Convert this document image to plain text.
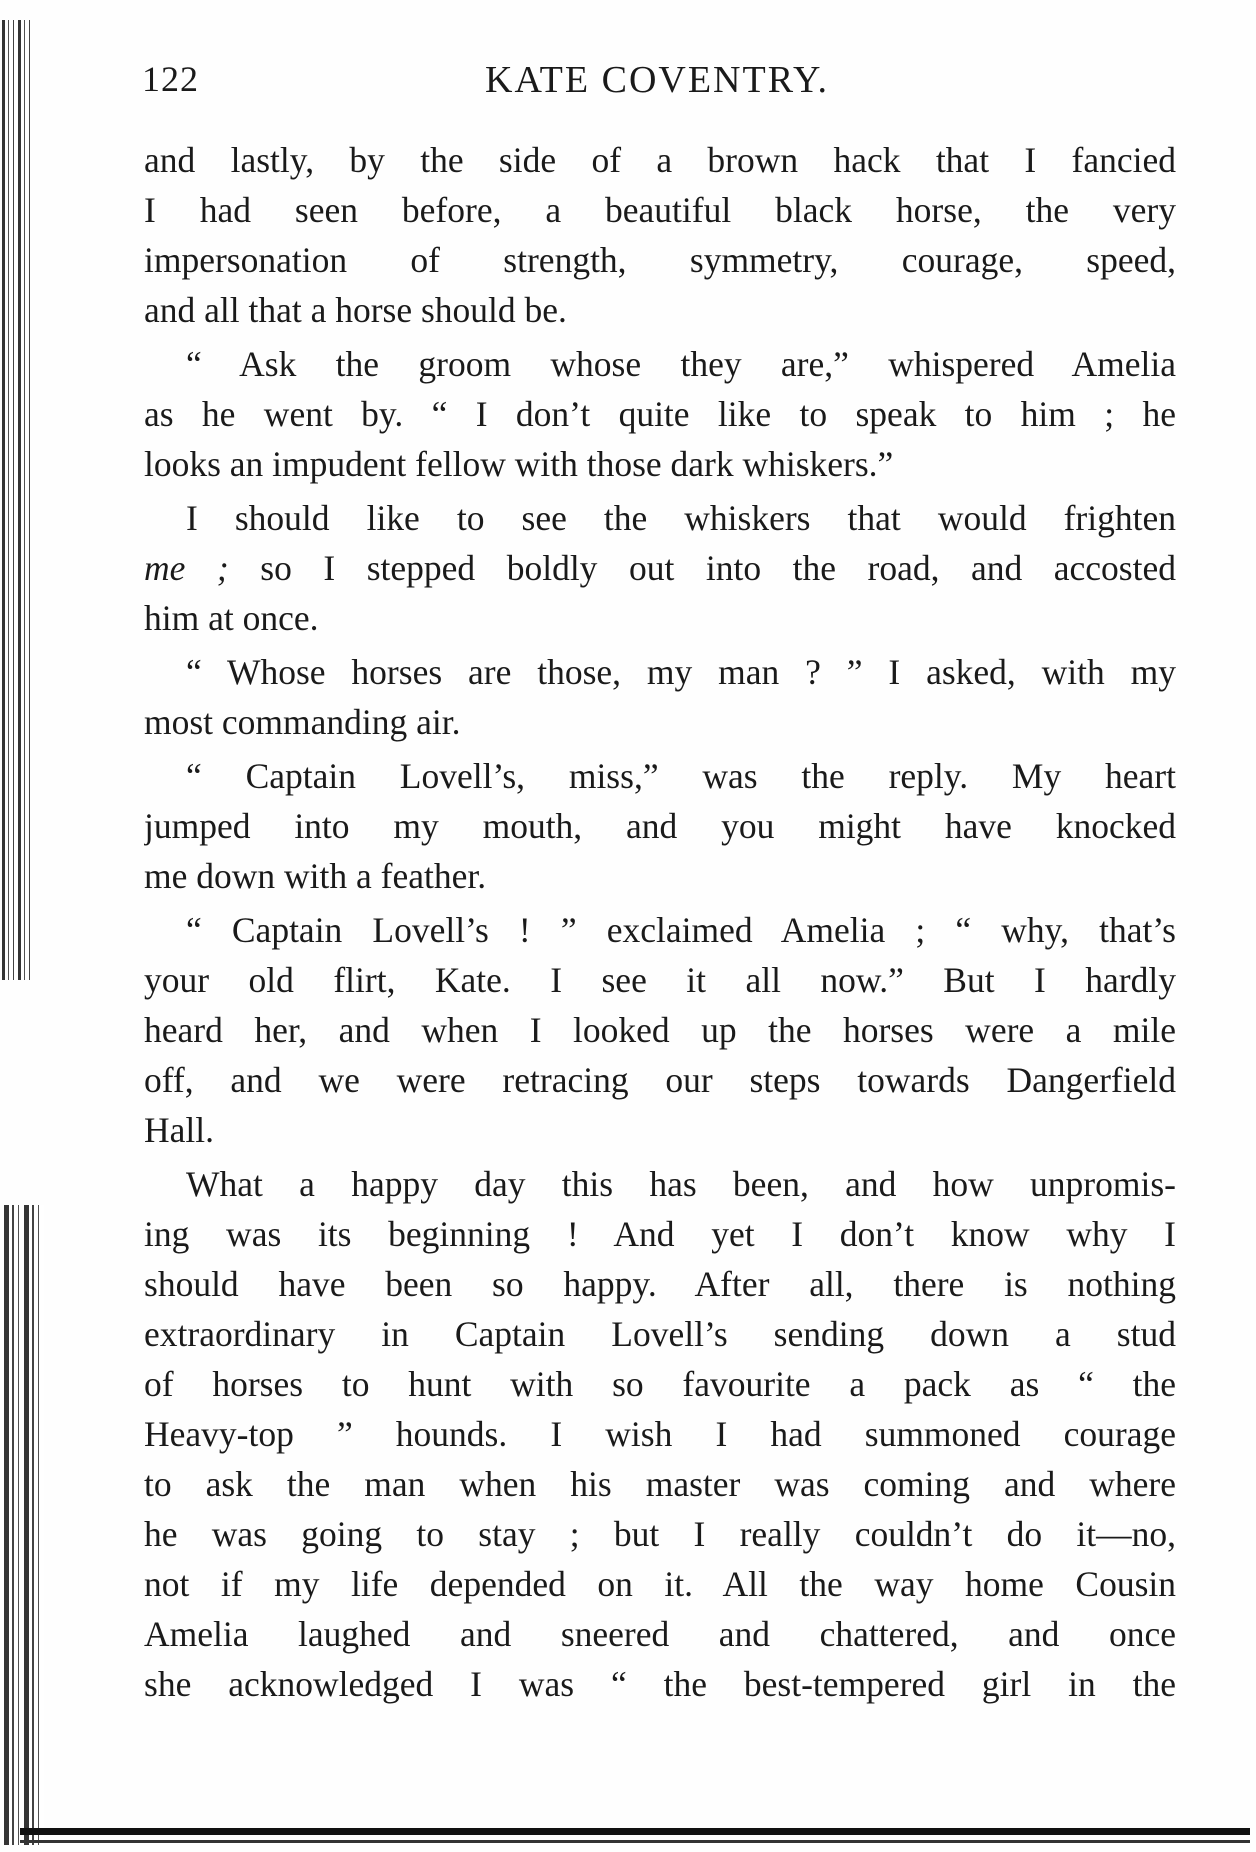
122	KATE COVENTRY.
and lastly, by the side of a brown hack that I fancied
I had seen before, a beautiful black horse, the very
impersonation of strength, symmetry, courage, speed,
and all that a horse should be.
“ Ask the groom whose they are,” whispered Amelia
as he went by. “ I don’t quite like to speak to him ; he
looks an impudent fellow with those dark whiskers.”
I should like to see the whiskers that would frighten
me ; so I stepped boldly out into the road, and accosted
him at once.
“ Whose horses are those, my man ? ” I asked, with my
most commanding air.
“ Captain Lovell’s, miss,” was the reply. My heart
jumped into my mouth, and you might have knocked
me down with a feather.
“ Captain Lovell’s ! ” exclaimed Amelia ; “ why, that’s
your old flirt, Kate. I see it all now.” But I hardly
heard her, and when I looked up the horses were a mile
off, and we were retracing our steps towards Dangerfield
Hall.
What a happy day this has been, and how unpromis-
ing was its beginning ! And yet I don’t know why I
should have been so happy. After all, there is nothing
extraordinary in Captain Lovell’s sending down a stud
of horses to hunt with so favourite a pack as “ the
Heavy-top ” hounds. I wish I had summoned courage
to ask the man when his master was coming and where
he was going to stay ; but I really couldn’t do it—no,
not if my life depended on it. All the way home Cousin
Amelia laughed and sneered and chattered, and once
she acknowledged I was “ the best-tempered girl in the
